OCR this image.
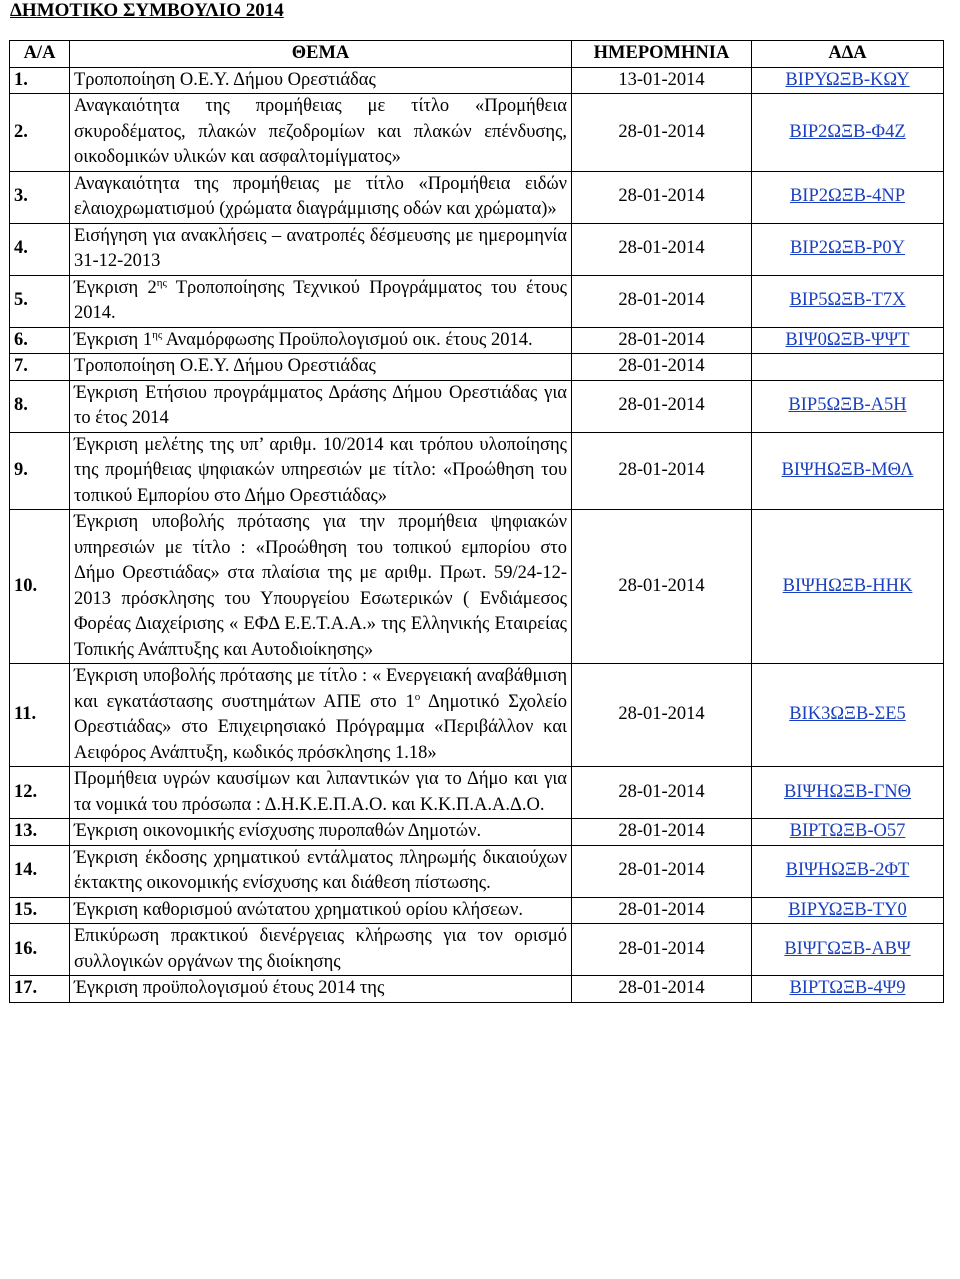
ΔΗΜΟΤΙΚΟ ΣΥΜΒΟΥΛΙΟ 2014
Α/Α	ΘΕΜΑ	ΗΜΕΡΟΜΗΝΙΑ	ΑΔΑ
1.	Τροποποίηση Ο.Ε.Υ. Δήμου Ορεστιάδας	13-01-2014	ΒΙΡΥΩΞΒ-ΚΩΥ
2.	Αναγκαιότητα της προμήθειας με τίτλο «Προμήθεια σκυροδέματος, πλακών πεζοδρομίων και πλακών επένδυσης, οικοδομικών υλικών και ασφαλτομίγματος»	28-01-2014	ΒΙΡ2ΩΞΒ-Φ4Ζ
3.	Αναγκαιότητα της προμήθειας με τίτλο «Προμήθεια ειδών ελαιοχρωματισμού (χρώματα διαγράμμισης οδών και χρώματα)»	28-01-2014	ΒΙΡ2ΩΞΒ-4ΝΡ
4.	Εισήγηση για ανακλήσεις – ανατροπές δέσμευσης με ημερομηνία 31-12-2013	28-01-2014	ΒΙΡ2ΩΞΒ-Ρ0Υ
5.	Έγκριση $2^{\eta\varsigma}$ Τροποποίησης Τεχνικού Προγράμματος του έτους 2014.	28-01-2014	ΒΙΡ5ΩΞΒ-Τ7Χ
6.	Έγκριση $1^{\eta\varsigma}$ Αναμόρφωσης Προϋπολογισμού οικ. έτους 2014.	28-01-2014	ΒΙΨ0ΩΞΒ-ΨΨΤ
7.	Τροποποίηση Ο.Ε.Υ. Δήμου Ορεστιάδας	28-01-2014	
8.	Έγκριση Ετήσιου προγράμματος Δράσης Δήμου Ορεστιάδας για το έτος 2014	28-01-2014	ΒΙΡ5ΩΞΒ-Α5Η
9.	Έγκριση μελέτης της υπ’ αριθμ. 10/2014 και τρόπου υλοποίησης της προμήθειας ψηφιακών υπηρεσιών με τίτλο: «Προώθηση του τοπικού Εμπορίου στο Δήμο Ορεστιάδας»	28-01-2014	ΒΙΨΗΩΞΒ-ΜΘΛ
10.	Έγκριση υποβολής πρότασης για την προμήθεια ψηφιακών υπηρεσιών με τίτλο : «Προώθηση του τοπικού εμπορίου στο Δήμο Ορεστιάδας» στα πλαίσια της με αριθμ. Πρωτ. 59/24-12-2013 πρόσκλησης του Υπουργείου Εσωτερικών ( Ενδιάμεσος Φορέας Διαχείρισης « ΕΦΔ Ε.Ε.Τ.Α.Α.» της Ελληνικής Εταιρείας Τοπικής Ανάπτυξης και Αυτοδιοίκησης»	28-01-2014	ΒΙΨΗΩΞΒ-ΗΗΚ
11.	Έγκριση υποβολής πρότασης με τίτλο : « Ενεργειακή αναβάθμιση και εγκατάστασης συστημάτων ΑΠΕ στο $1^o$ Δημοτικό Σχολείο Ορεστιάδας» στο Επιχειρησιακό Πρόγραμμα «Περιβάλλον και Αειφόρος Ανάπτυξη, κωδικός πρόσκλησης 1.18»	28-01-2014	ΒΙΚ3ΩΞΒ-ΣΕ5
12.	Προμήθεια υγρών καυσίμων και λιπαντικών για το Δήμο και για τα νομικά του πρόσωπα : Δ.Η.Κ.Ε.Π.Α.Ο. και Κ.Κ.Π.Α.Α.Δ.Ο.	28-01-2014	ΒΙΨΗΩΞΒ-ΓΝΘ
13.	Έγκριση οικονομικής ενίσχυσης πυροπαθών Δημοτών.	28-01-2014	ΒΙΡΤΩΞΒ-Ο57
14.	Έγκριση έκδοσης χρηματικού εντάλματος πληρωμής δικαιούχων έκτακτης οικονομικής ενίσχυσης και διάθεση πίστωσης.	28-01-2014	ΒΙΨΗΩΞΒ-2ΦΤ
15.	Έγκριση καθορισμού ανώτατου χρηματικού ορίου κλήσεων.	28-01-2014	ΒΙΡΥΩΞΒ-ΤΥ0
16.	Επικύρωση πρακτικού διενέργειας κλήρωσης για τον ορισμό συλλογικών οργάνων της διοίκησης	28-01-2014	ΒΙΨΓΩΞΒ-ΑΒΨ
17.	Έγκριση προϋπολογισμού έτους 2014 της	28-01-2014	ΒΙΡΤΩΞΒ-4Ψ9
